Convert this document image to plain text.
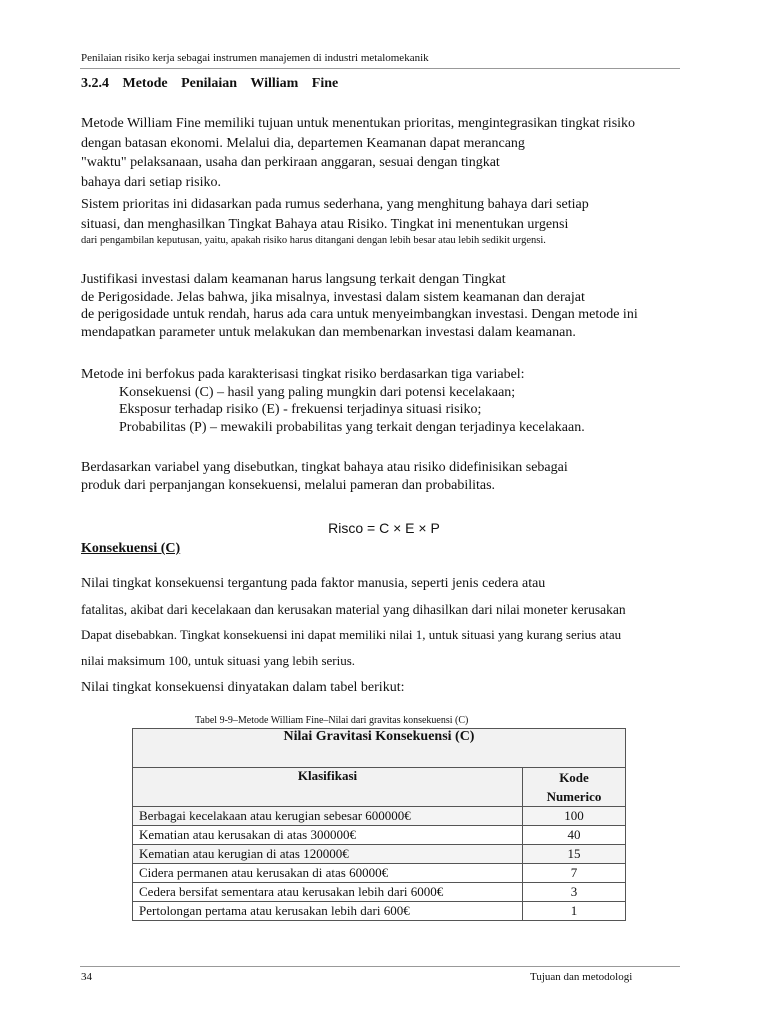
Penilaian risiko kerja sebagai instrumen manajemen di industri metalomekanik
3.2.4 Metode Penilaian William Fine
Metode William Fine memiliki tujuan untuk menentukan prioritas, mengintegrasikan tingkat risiko
dengan batasan ekonomi. Melalui dia, departemen Keamanan dapat merancang
"waktu" pelaksanaan, usaha dan perkiraan anggaran, sesuai dengan tingkat
bahaya dari setiap risiko.
Sistem prioritas ini didasarkan pada rumus sederhana, yang menghitung bahaya dari setiap
situasi, dan menghasilkan Tingkat Bahaya atau Risiko. Tingkat ini menentukan urgensi
dari pengambilan keputusan, yaitu, apakah risiko harus ditangani dengan lebih besar atau lebih sedikit urgensi.
Justifikasi investasi dalam keamanan harus langsung terkait dengan Tingkat
de Perigosidade. Jelas bahwa, jika misalnya, investasi dalam sistem keamanan dan derajat
de perigosidade untuk rendah, harus ada cara untuk menyeimbangkan investasi. Dengan metode ini
mendapatkan parameter untuk melakukan dan membenarkan investasi dalam keamanan.
Metode ini berfokus pada karakterisasi tingkat risiko berdasarkan tiga variabel:
Konsekuensi (C) – hasil yang paling mungkin dari potensi kecelakaan;
Eksposur terhadap risiko (E) - frekuensi terjadinya situasi risiko;
Probabilitas (P) – mewakili probabilitas yang terkait dengan terjadinya kecelakaan.
Berdasarkan variabel yang disebutkan, tingkat bahaya atau risiko didefinisikan sebagai
produk dari perpanjangan konsekuensi, melalui pameran dan probabilitas.
Risco = C × E × P
Konsekuensi (C)
Nilai tingkat konsekuensi tergantung pada faktor manusia, seperti jenis cedera atau
fatalitas, akibat dari kecelakaan dan kerusakan material yang dihasilkan dari nilai moneter kerusakan
Dapat disebabkan. Tingkat konsekuensi ini dapat memiliki nilai 1, untuk situasi yang kurang serius atau
nilai maksimum 100, untuk situasi yang lebih serius.
Nilai tingkat konsekuensi dinyatakan dalam tabel berikut:
Tabel 9-9–Metode William Fine–Nilai dari gravitas konsekuensi (C)
Nilai Gravitasi Konsekuensi (C)	
Klasifikasi	Kode
Numerico
Berbagai kecelakaan atau kerugian sebesar 600000€	100
Kematian atau kerusakan di atas 300000€	40
Kematian atau kerugian di atas 120000€	15
Cidera permanen atau kerusakan di atas 60000€	7
Cedera bersifat sementara atau kerusakan lebih dari 6000€	3
Pertolongan pertama atau kerusakan lebih dari 600€	1
34	Tujuan dan metodologi
